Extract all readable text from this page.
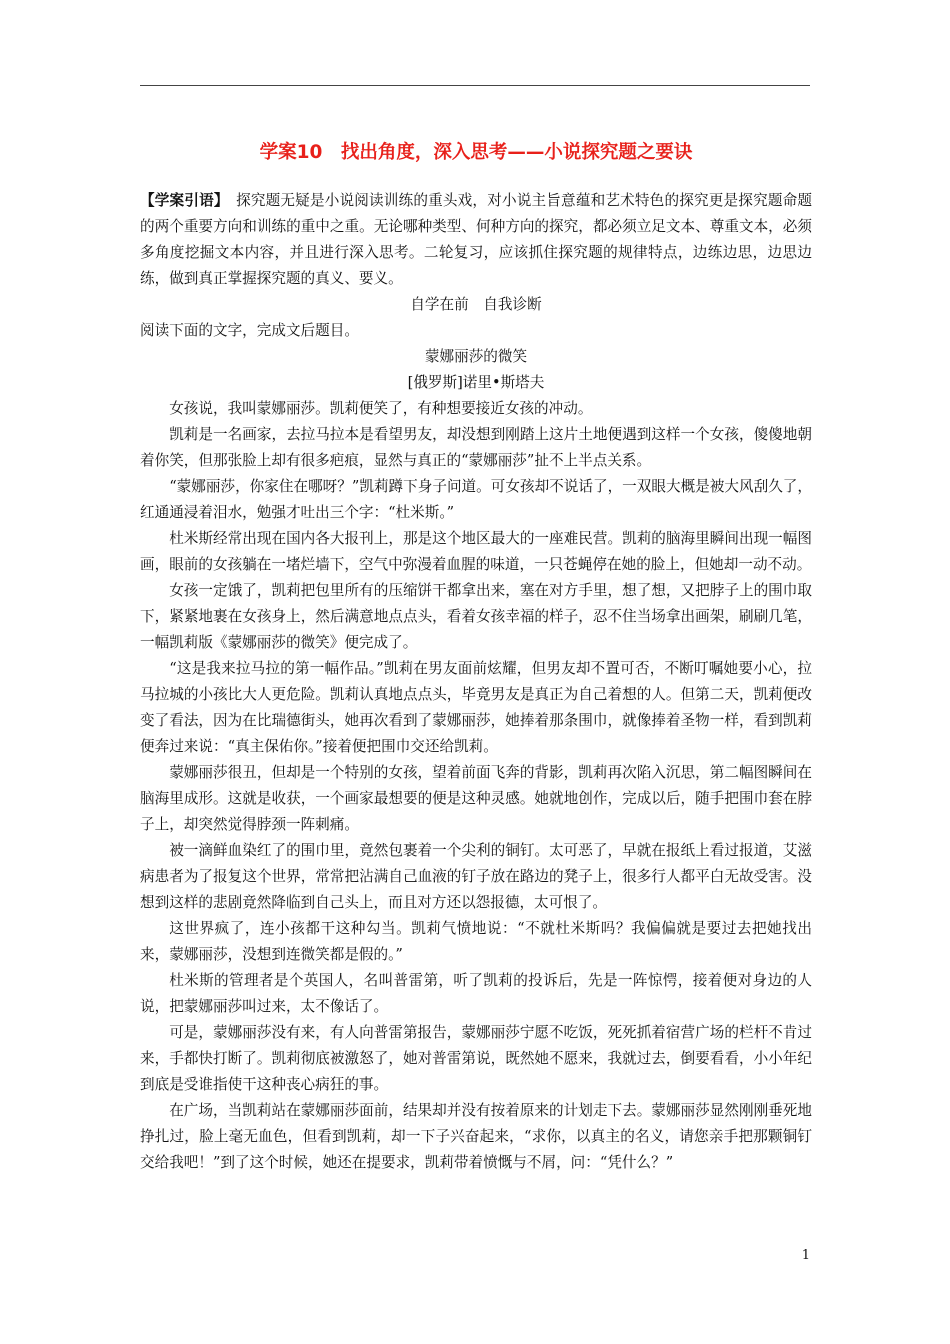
学案10　找出角度，深入思考——小说探究题之要诀

【学案引语】　探究题无疑是小说阅读训练的重头戏，对小说主旨意蕴和艺术特色的探究更是探究题命题的两个重要方向和训练的重中之重。无论哪种类型、何种方向的探究，都必须立足文本、尊重文本，必须多角度挖掘文本内容，并且进行深入思考。二轮复习，应该抓住探究题的规律特点，边练边思，边思边练，做到真正掌握探究题的真义、要义。

自学在前　自我诊断

阅读下面的文字，完成文后题目。

蒙娜丽莎的微笑

[俄罗斯]诺里•斯塔夫

女孩说，我叫蒙娜丽莎。凯莉便笑了，有种想要接近女孩的冲动。

凯莉是一名画家，去拉马拉本是看望男友，却没想到刚踏上这片土地便遇到这样一个女孩，傻傻地朝着你笑，但那张脸上却有很多疤痕，显然与真正的“蒙娜丽莎”扯不上半点关系。

“蒙娜丽莎，你家住在哪呀？”凯莉蹲下身子问道。可女孩却不说话了，一双眼大概是被大风刮久了，红通通浸着泪水，勉强才吐出三个字：“杜米斯。”

杜米斯经常出现在国内各大报刊上，那是这个地区最大的一座难民营。凯莉的脑海里瞬间出现一幅图画，眼前的女孩躺在一堵烂墙下，空气中弥漫着血腥的味道，一只苍蝇停在她的脸上，但她却一动不动。

女孩一定饿了，凯莉把包里所有的压缩饼干都拿出来，塞在对方手里，想了想，又把脖子上的围巾取下，紧紧地裹在女孩身上，然后满意地点点头，看着女孩幸福的样子，忍不住当场拿出画架，刷刷几笔，一幅凯莉版《蒙娜丽莎的微笑》便完成了。

“这是我来拉马拉的第一幅作品。”凯莉在男友面前炫耀，但男友却不置可否，不断叮嘱她要小心，拉马拉城的小孩比大人更危险。凯莉认真地点点头，毕竟男友是真正为自己着想的人。但第二天，凯莉便改变了看法，因为在比瑞德街头，她再次看到了蒙娜丽莎，她捧着那条围巾，就像捧着圣物一样，看到凯莉便奔过来说：“真主保佑你。”接着便把围巾交还给凯莉。

蒙娜丽莎很丑，但却是一个特别的女孩，望着前面飞奔的背影，凯莉再次陷入沉思，第二幅图瞬间在脑海里成形。这就是收获，一个画家最想要的便是这种灵感。她就地创作，完成以后，随手把围巾套在脖子上，却突然觉得脖颈一阵刺痛。

被一滴鲜血染红了的围巾里，竟然包裹着一个尖利的铜钉。太可恶了，早就在报纸上看过报道，艾滋病患者为了报复这个世界，常常把沾满自己血液的钉子放在路边的凳子上，很多行人都平白无故受害。没想到这样的悲剧竟然降临到自己头上，而且对方还以怨报德，太可恨了。

这世界疯了，连小孩都干这种勾当。凯莉气愤地说：“不就杜米斯吗？我偏偏就是要过去把她找出来，蒙娜丽莎，没想到连微笑都是假的。”

杜米斯的管理者是个英国人，名叫普雷第，听了凯莉的投诉后，先是一阵惊愕，接着便对身边的人说，把蒙娜丽莎叫过来，太不像话了。

可是，蒙娜丽莎没有来，有人向普雷第报告，蒙娜丽莎宁愿不吃饭，死死抓着宿营广场的栏杆不肯过来，手都快打断了。凯莉彻底被激怒了，她对普雷第说，既然她不愿来，我就过去，倒要看看，小小年纪到底是受谁指使干这种丧心病狂的事。

在广场，当凯莉站在蒙娜丽莎面前，结果却并没有按着原来的计划走下去。蒙娜丽莎显然刚刚垂死地挣扎过，脸上毫无血色，但看到凯莉，却一下子兴奋起来，“求你，以真主的名义，请您亲手把那颗铜钉交给我吧！”到了这个时候，她还在提要求，凯莉带着愤慨与不屑，问：“凭什么？”

1
